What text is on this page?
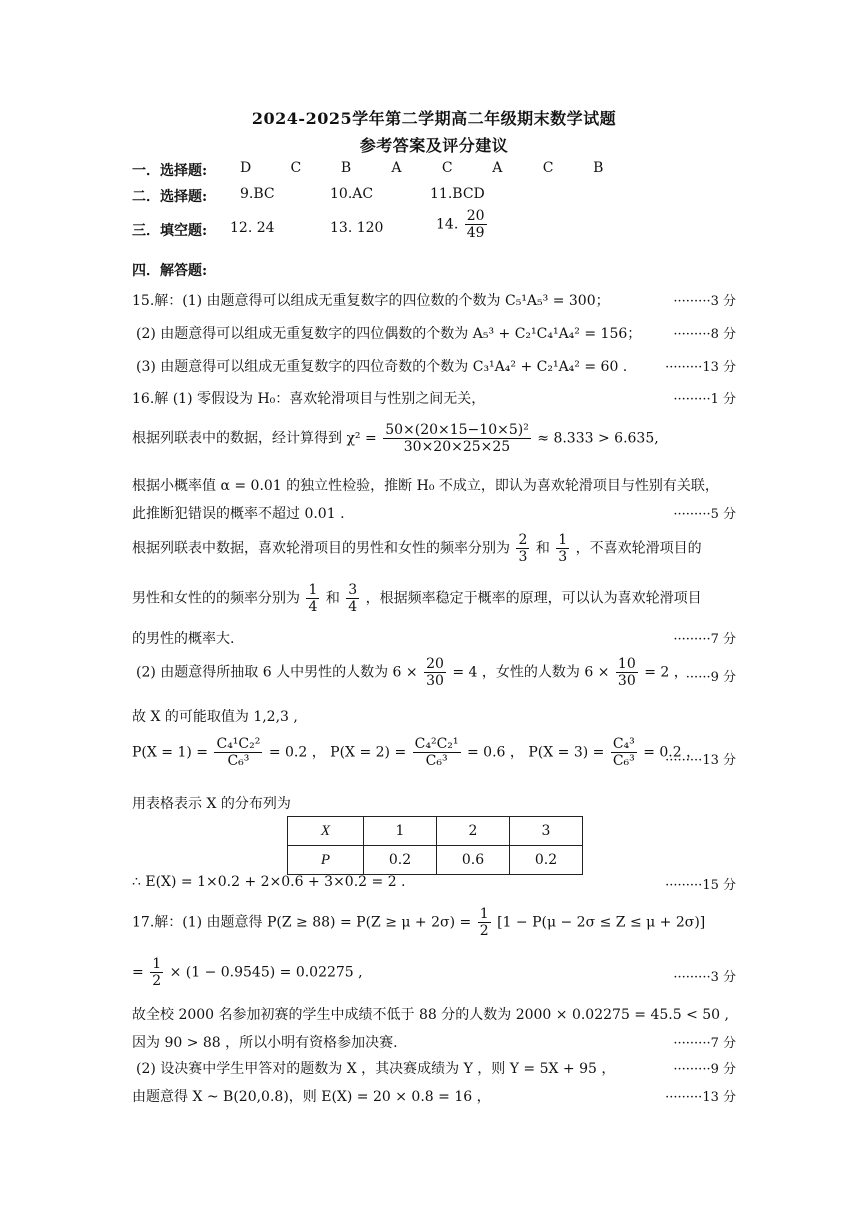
2024-2025学年第二学期高二年级期末数学试题
参考答案及评分建议
一．选择题: D	C	B	A	C	A	C	B
二．选择题: 9.BC	10.AC	11.BCD
三．填空题: 12. 24	13. 120	14. $\frac{20}{49}$
四．解答题:
15.解：(1) 由题意得可以组成无重复数字的四位数的个数为 C₅¹A₅³ = 300；	·········3 分
(2) 由题意得可以组成无重复数字的四位偶数的个数为 A₅³ + C₂¹C₄¹A₄² = 156； ·········8 分
(3) 由题意得可以组成无重复数字的四位奇数的个数为 C₃¹A₄² + C₂¹A₄² = 60 .	·········13 分
16.解 (1) 零假设为 H₀：喜欢轮滑项目与性别之间无关，	·········1 分
根据列联表中的数据，经计算得到 $\chi^2 = \frac{\text{50×(20×15−10×5)²}}{30\times 20\times 25\times 25} \approx 8.333 > 6.635$,
根据小概率值 α = 0.01 的独立性检验，推断 H₀ 不成立，即认为喜欢轮滑项目与性别有关联，
此推断犯错误的概率不超过 0.01 .	·········5 分
根据列联表中数据，喜欢轮滑项目的男性和女性的频率分别为 $\frac{2}{3}$ 和 $\frac{1}{3}$ ，不喜欢轮滑项目的
男性和女性的的频率分别为 $\frac{1}{4}$ 和 $\frac{3}{4}$ ，根据频率稳定于概率的原理，可以认为喜欢轮滑项目
的男性的概率大.	·········7 分
(2) 由题意得所抽取 6 人中男性的人数为 $6 \times \frac{20}{30} = 4$ ，女性的人数为 $6 \times \frac{10}{30} = 2$ ，
······9 分
故 X 的可能取值为 1,2,3 ,
$P(X = 1) = \frac{\text{C₄¹C₂²}}{\text{C₆³}} = 0.2$ ， $P(X = 2) = \frac{\text{C₄²C₂¹}}{\text{C₆³}} = 0.6$ ， $P(X = 3) = \frac{\text{C₄³}}{\text{C₆³}} = 0.2$ ，
·········13 分
用表格表示 X 的分布列为
X	1	2	3
P	0.2	0.6	0.2
∴ E(X) = 1×0.2 + 2×0.6 + 3×0.2 = 2 .	·········15 分
17.解：(1) 由题意得 $P(Z \ge 88) = P(Z \ge \mu + 2\sigma) = \frac{1}{2} [1 - P(\mu - 2\sigma \le Z \le \mu + 2\sigma)]$
= $\frac{1}{2} \times (1 - 0.9545) = 0.02275$ ,	·········3 分
故全校 2000 名参加初赛的学生中成绩不低于 88 分的人数为 2000 × 0.02275 = 45.5 < 50 ,
因为 90 > 88 ，所以小明有资格参加决赛.	·········7 分
(2) 设决赛中学生甲答对的题数为 X ，其决赛成绩为 Y ，则 Y = 5X + 95 ，	·········9 分
由题意得 X ~ B(20,0.8)，则 E(X) = 20 × 0.8 = 16 ，	·········13 分
